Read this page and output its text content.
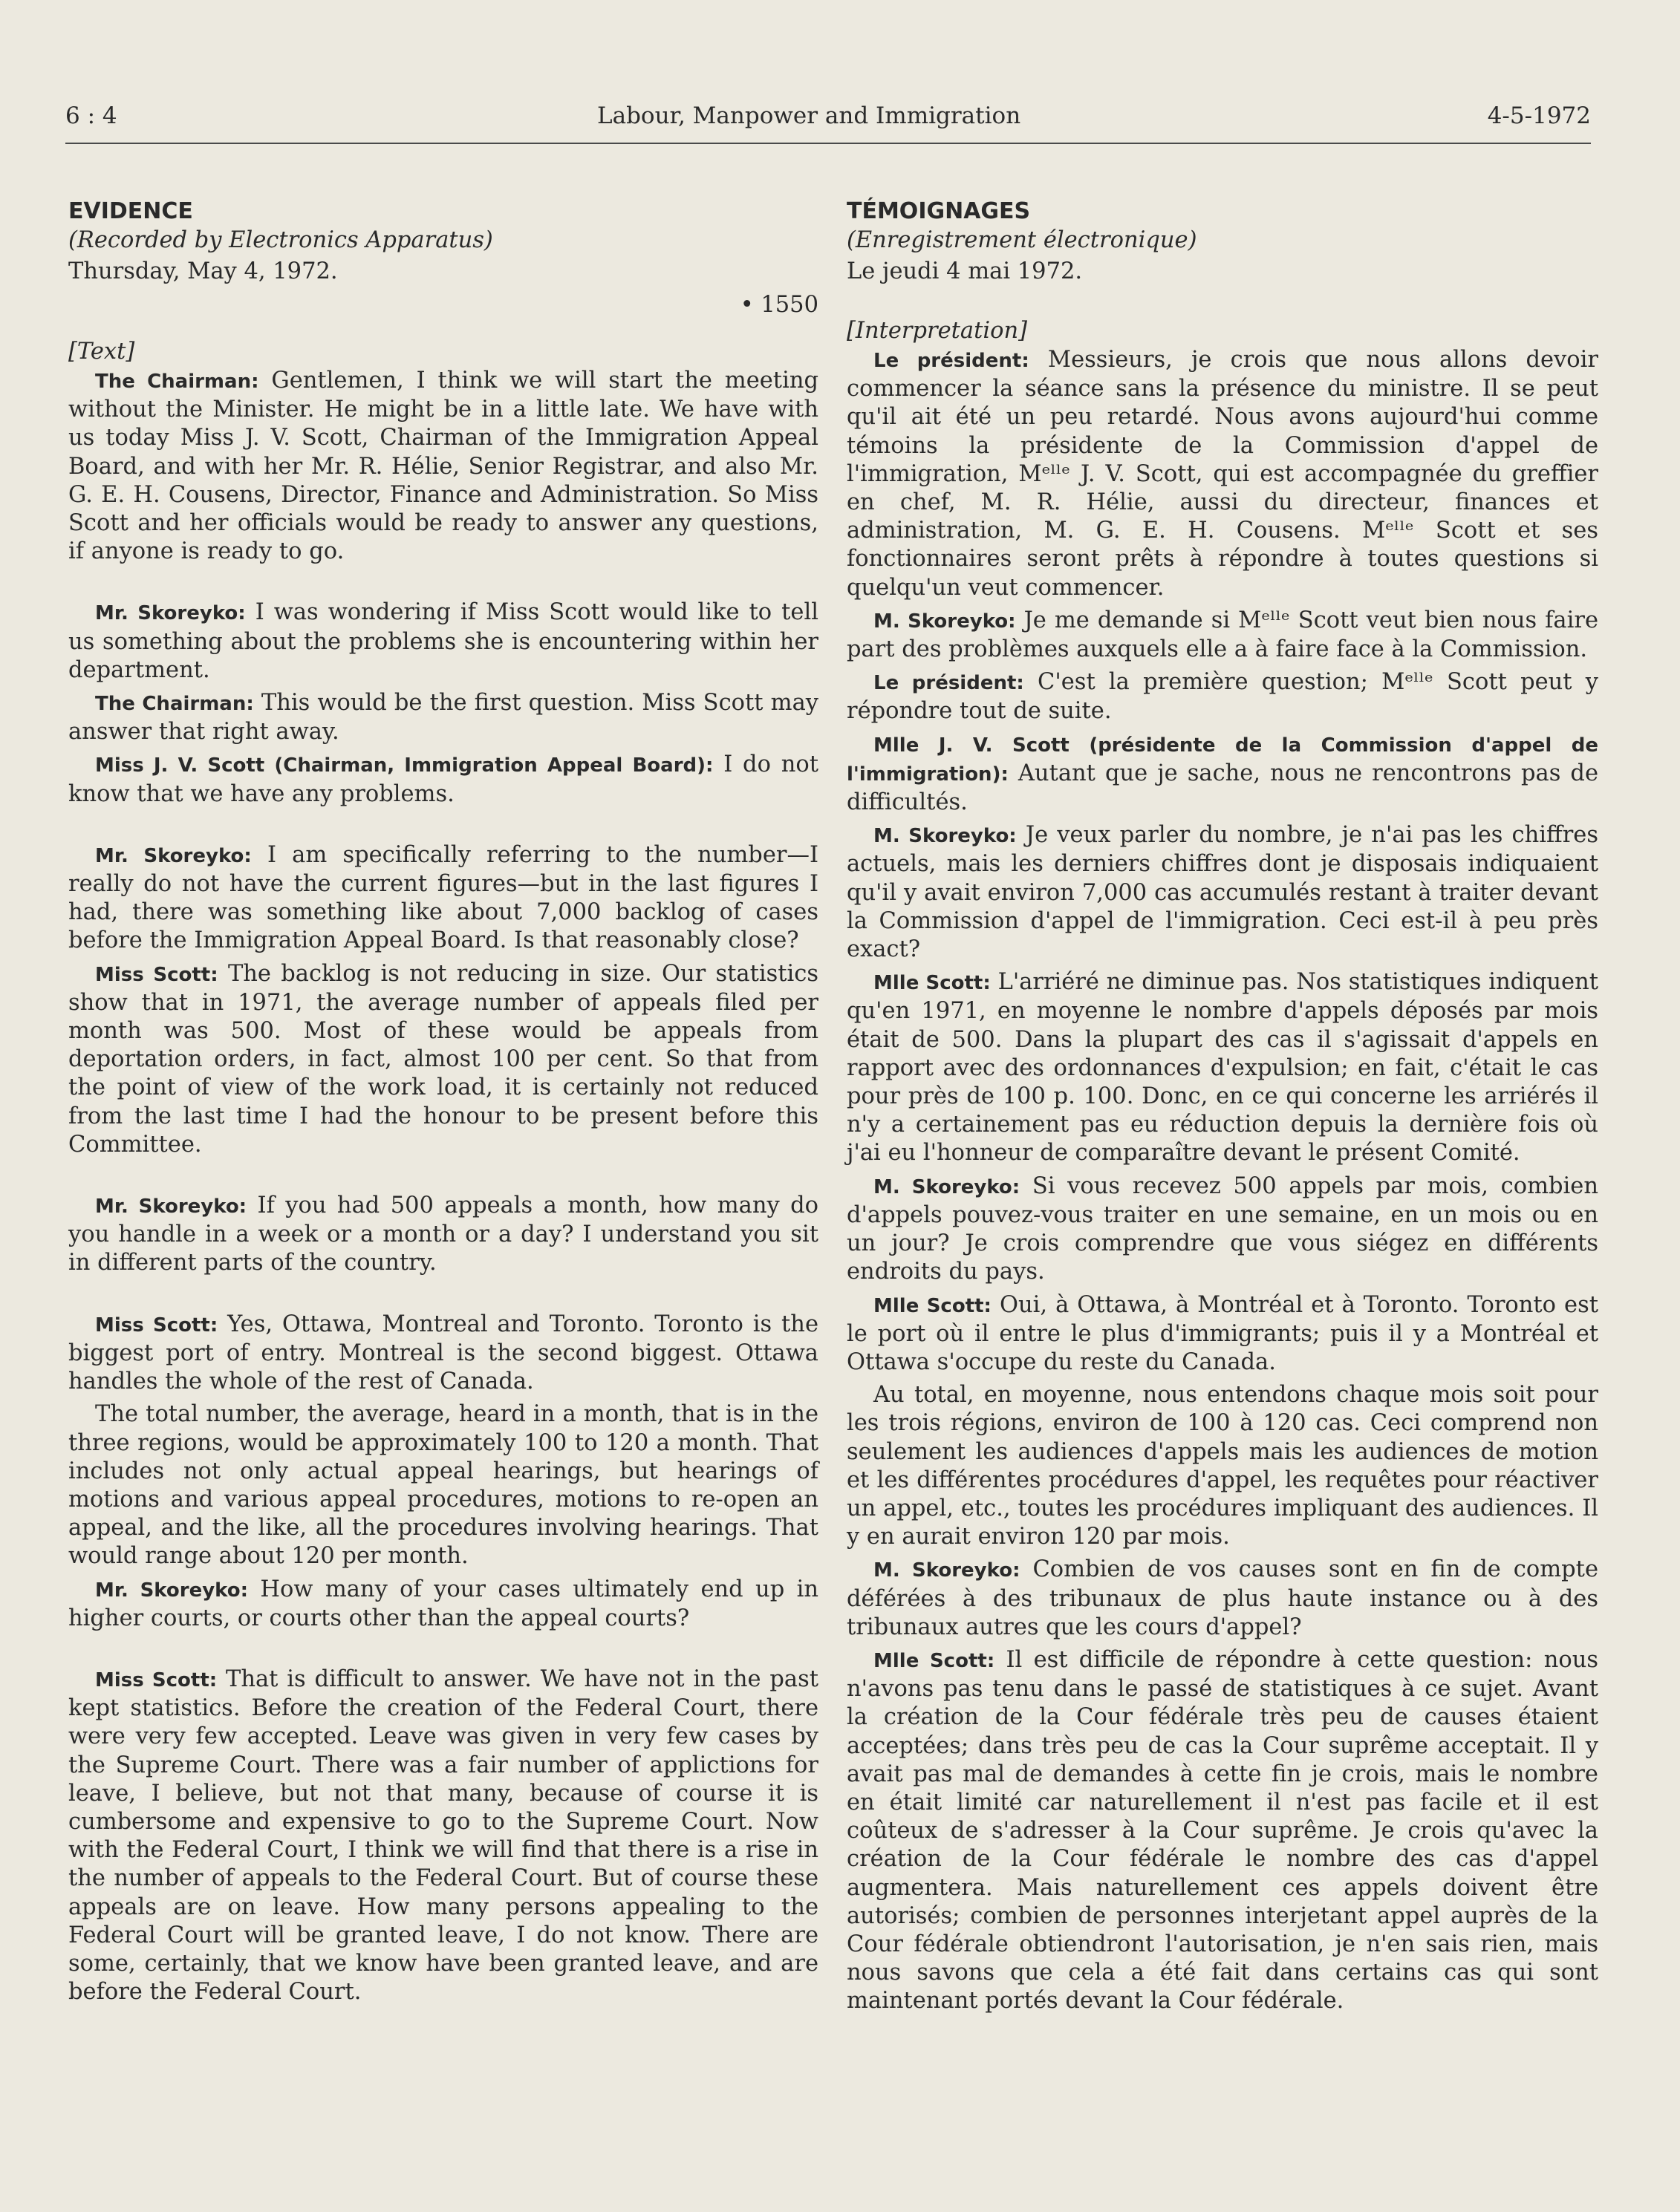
6 : 4	Labour, Manpower and Immigration	4-5-1972
EVIDENCE
(Recorded by Electronics Apparatus)
Thursday, May 4, 1972.
• 1550
[Text]

The Chairman: Gentlemen, I think we will start the meeting without the Minister. He might be in a little late. We have with us today Miss J. V. Scott, Chairman of the Immigration Appeal Board, and with her Mr. R. Hélie, Senior Registrar, and also Mr. G. E. H. Cousens, Director, Finance and Administration. So Miss Scott and her officials would be ready to answer any questions, if anyone is ready to go.

Mr. Skoreyko: I was wondering if Miss Scott would like to tell us something about the problems she is encountering within her department.

The Chairman: This would be the first question. Miss Scott may answer that right away.

Miss J. V. Scott (Chairman, Immigration Appeal Board): I do not know that we have any problems.

Mr. Skoreyko: I am specifically referring to the number—I really do not have the current figures—but in the last figures I had, there was something like about 7,000 backlog of cases before the Immigration Appeal Board. Is that reasonably close?

Miss Scott: The backlog is not reducing in size. Our statistics show that in 1971, the average number of appeals filed per month was 500. Most of these would be appeals from deportation orders, in fact, almost 100 per cent. So that from the point of view of the work load, it is certainly not reduced from the last time I had the honour to be present before this Committee.

Mr. Skoreyko: If you had 500 appeals a month, how many do you handle in a week or a month or a day? I understand you sit in different parts of the country.

Miss Scott: Yes, Ottawa, Montreal and Toronto. Toronto is the biggest port of entry. Montreal is the second biggest. Ottawa handles the whole of the rest of Canada.

The total number, the average, heard in a month, that is in the three regions, would be approximately 100 to 120 a month. That includes not only actual appeal hearings, but hearings of motions and various appeal procedures, motions to re-open an appeal, and the like, all the procedures involving hearings. That would range about 120 per month.

Mr. Skoreyko: How many of your cases ultimately end up in higher courts, or courts other than the appeal courts?

Miss Scott: That is difficult to answer. We have not in the past kept statistics. Before the creation of the Federal Court, there were very few accepted. Leave was given in very few cases by the Supreme Court. There was a fair number of applictions for leave, I believe, but not that many, because of course it is cumbersome and expensive to go to the Supreme Court. Now with the Federal Court, I think we will find that there is a rise in the number of appeals to the Federal Court. But of course these appeals are on leave. How many persons appealing to the Federal Court will be granted leave, I do not know. There are some, certainly, that we know have been granted leave, and are before the Federal Court.

TÉMOIGNAGES
(Enregistrement électronique)
Le jeudi 4 mai 1972.
[Interpretation]

Le président: Messieurs, je crois que nous allons devoir commencer la séance sans la présence du ministre. Il se peut qu'il ait été un peu retardé. Nous avons aujourd'hui comme témoins la présidente de la Commission d'appel de l'immigration, Mᵉˡˡᵉ J. V. Scott, qui est accompagnée du greffier en chef, M. R. Hélie, aussi du directeur, finances et administration, M. G. E. H. Cousens. Mᵉˡˡᵉ Scott et ses fonctionnaires seront prêts à répondre à toutes questions si quelqu'un veut commencer.

M. Skoreyko: Je me demande si Mᵉˡˡᵉ Scott veut bien nous faire part des problèmes auxquels elle a à faire face à la Commission.

Le président: C'est la première question; Mᵉˡˡᵉ Scott peut y répondre tout de suite.

Mlle J. V. Scott (présidente de la Commission d'appel de l'immigration): Autant que je sache, nous ne rencontrons pas de difficultés.

M. Skoreyko: Je veux parler du nombre, je n'ai pas les chiffres actuels, mais les derniers chiffres dont je disposais indiquaient qu'il y avait environ 7,000 cas accumulés restant à traiter devant la Commission d'appel de l'immigration. Ceci est-il à peu près exact?

Mlle Scott: L'arriéré ne diminue pas. Nos statistiques indiquent qu'en 1971, en moyenne le nombre d'appels déposés par mois était de 500. Dans la plupart des cas il s'agissait d'appels en rapport avec des ordonnances d'expulsion; en fait, c'était le cas pour près de 100 p. 100. Donc, en ce qui concerne les arriérés il n'y a certainement pas eu réduction depuis la dernière fois où j'ai eu l'honneur de comparaître devant le présent Comité.

M. Skoreyko: Si vous recevez 500 appels par mois, combien d'appels pouvez-vous traiter en une semaine, en un mois ou en un jour? Je crois comprendre que vous siégez en différents endroits du pays.

Mlle Scott: Oui, à Ottawa, à Montréal et à Toronto. Toronto est le port où il entre le plus d'immigrants; puis il y a Montréal et Ottawa s'occupe du reste du Canada.

Au total, en moyenne, nous entendons chaque mois soit pour les trois régions, environ de 100 à 120 cas. Ceci comprend non seulement les audiences d'appels mais les audiences de motion et les différentes procédures d'appel, les requêtes pour réactiver un appel, etc., toutes les procédures impliquant des audiences. Il y en aurait environ 120 par mois.

M. Skoreyko: Combien de vos causes sont en fin de compte déférées à des tribunaux de plus haute instance ou à des tribunaux autres que les cours d'appel?

Mlle Scott: Il est difficile de répondre à cette question: nous n'avons pas tenu dans le passé de statistiques à ce sujet. Avant la création de la Cour fédérale très peu de causes étaient acceptées; dans très peu de cas la Cour suprême acceptait. Il y avait pas mal de demandes à cette fin je crois, mais le nombre en était limité car naturellement il n'est pas facile et il est coûteux de s'adresser à la Cour suprême. Je crois qu'avec la création de la Cour fédérale le nombre des cas d'appel augmentera. Mais naturellement ces appels doivent être autorisés; combien de personnes interjetant appel auprès de la Cour fédérale obtiendront l'autorisation, je n'en sais rien, mais nous savons que cela a été fait dans certains cas qui sont maintenant portés devant la Cour fédérale.
